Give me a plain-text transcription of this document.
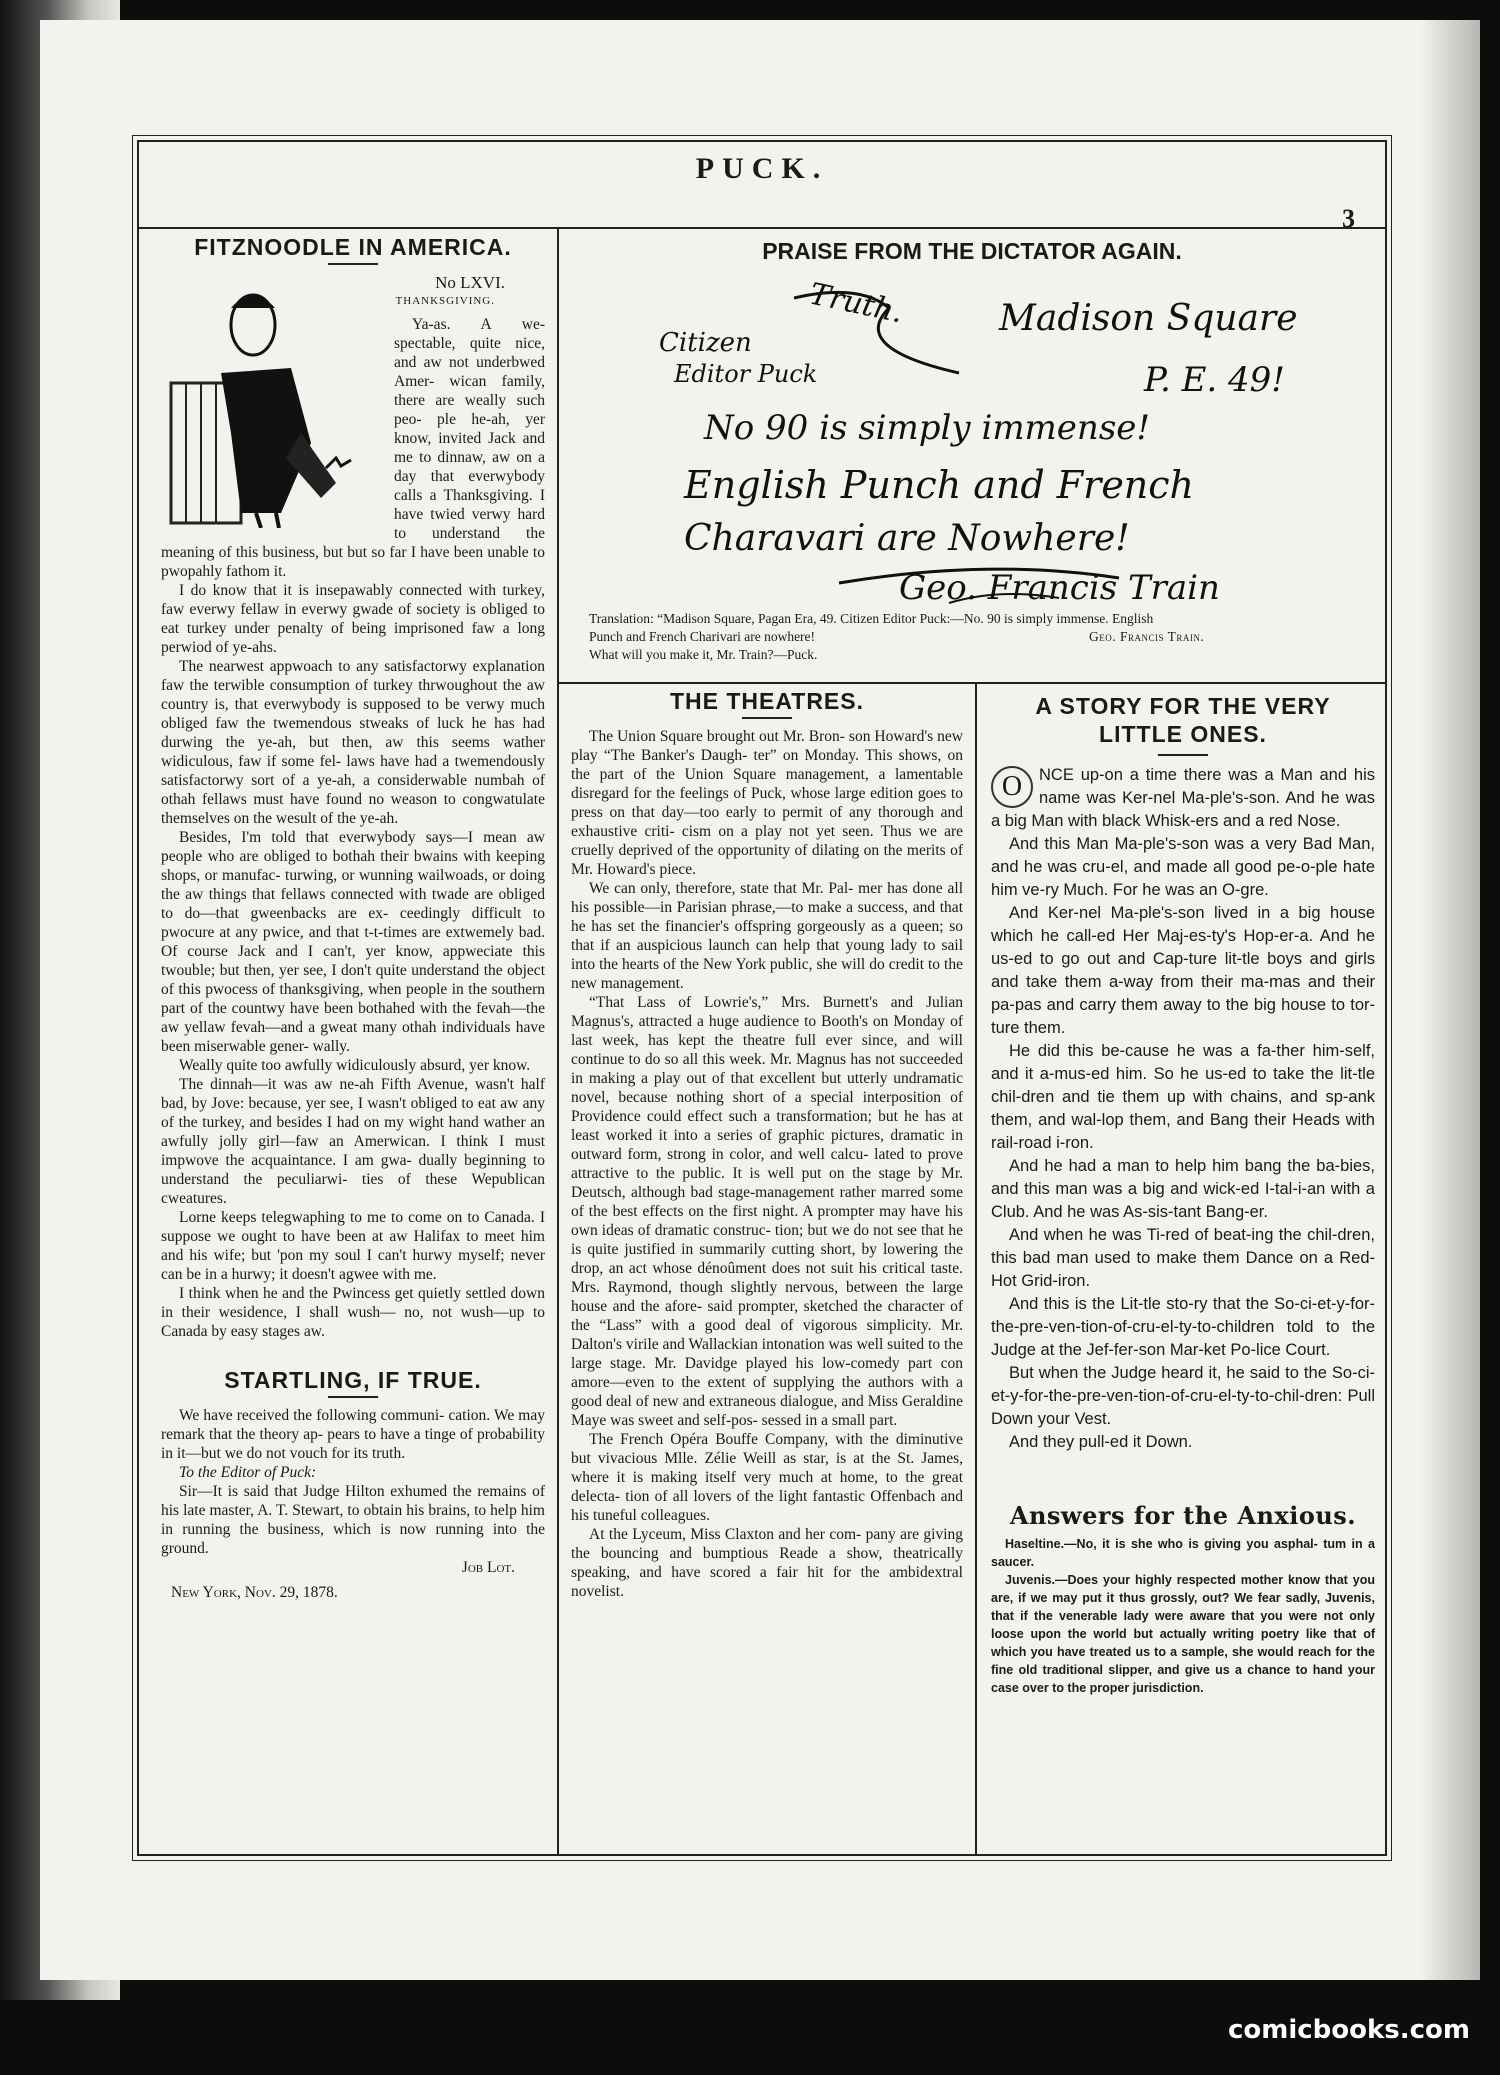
PUCK.
3
FITZNOODLE IN AMERICA.
No LXVI.
THANKSGIVING.

Ya-as. A we- spectable, quite nice, and aw not underbwed Amer- wican family, there are weally such peo- ple he-ah, yer know, invited Jack and me to dinnaw, aw on a day that everwybody calls a Thanksgiving. I have twied verwy hard to understand the meaning of this business, but but so far I have been unable to pwopahly fathom it.

I do know that it is insepawably connected with turkey, faw everwy fellaw in everwy gwade of society is obliged to eat turkey under penalty of being imprisoned faw a long perwiod of ye-ahs.

The nearwest appwoach to any satisfactorwy explanation faw the terwible consumption of turkey thrwoughout the aw country is, that everwybody is supposed to be verwy much obliged faw the twemendous stweaks of luck he has had durwing the ye-ah, but then, aw this seems wather widiculous, faw if some fel- laws have had a twemendously satisfactorwy sort of a ye-ah, a considerwable numbah of othah fellaws must have found no weason to congwatulate themselves on the wesult of the ye-ah.

Besides, I'm told that everwybody says—I mean aw people who are obliged to bothah their bwains with keeping shops, or manufac- turwing, or wunning wailwoads, or doing the aw things that fellaws connected with twade are obliged to do—that gweenbacks are ex- ceedingly difficult to pwocure at any pwice, and that t-t-times are extwemely bad. Of course Jack and I can't, yer know, appweciate this twouble; but then, yer see, I don't quite understand the object of this pwocess of thanksgiving, when people in the southern part of the countwy have been bothahed with the fevah—the aw yellaw fevah—and a gweat many othah individuals have been miserwable gener- wally.

Weally quite too awfully widiculously absurd, yer know.

The dinnah—it was aw ne-ah Fifth Avenue, wasn't half bad, by Jove: because, yer see, I wasn't obliged to eat aw any of the turkey, and besides I had on my wight hand wather an awfully jolly girl—faw an Amerwican. I think I must impwove the acquaintance. I am gwa- dually beginning to understand the peculiarwi- ties of these Wepublican cweatures.

Lorne keeps telegwaphing to me to come on to Canada. I suppose we ought to have been at aw Halifax to meet him and his wife; but 'pon my soul I can't hurwy myself; never can be in a hurwy; it doesn't agwee with me.

I think when he and the Pwincess get quietly settled down in their wesidence, I shall wush— no, not wush—up to Canada by easy stages aw.

STARTLING, IF TRUE.

We have received the following communi- cation. We may remark that the theory ap- pears to have a tinge of probability in it—but we do not vouch for its truth.

To the Editor of Puck:

Sir—It is said that Judge Hilton exhumed the remains of his late master, A. T. Stewart, to obtain his brains, to help him in running the business, which is now running into the ground.

Job Lot.
New York, Nov. 29, 1878.
PRAISE FROM THE DICTATOR AGAIN.
Citizen
Editor Puck
Truth.	Madison Square
P. E. 49!
No 90 is simply immense!
English Punch and French
Charavari are Nowhere!
Geo. Francis Train
Translation: “Madison Square, Pagan Era, 49. Citizen Editor Puck:—No. 90 is simply immense. English
Punch and French Charivari are nowhere!	Geo. Francis Train.
What will you make it, Mr. Train?—Puck.
THE THEATRES.

The Union Square brought out Mr. Bron- son Howard's new play “The Banker's Daugh- ter” on Monday. This shows, on the part of the Union Square management, a lamentable disregard for the feelings of Puck, whose large edition goes to press on that day—too early to permit of any thorough and exhaustive criti- cism on a play not yet seen. Thus we are cruelly deprived of the opportunity of dilating on the merits of Mr. Howard's piece.

We can only, therefore, state that Mr. Pal- mer has done all his possible—in Parisian phrase,—to make a success, and that he has set the financier's offspring gorgeously as a queen; so that if an auspicious launch can help that young lady to sail into the hearts of the New York public, she will do credit to the new management.

“That Lass of Lowrie's,” Mrs. Burnett's and Julian Magnus's, attracted a huge audience to Booth's on Monday of last week, has kept the theatre full ever since, and will continue to do so all this week. Mr. Magnus has not succeeded in making a play out of that excellent but utterly undramatic novel, because nothing short of a special interposition of Providence could effect such a transformation; but he has at least worked it into a series of graphic pictures, dramatic in outward form, strong in color, and well calcu- lated to prove attractive to the public. It is well put on the stage by Mr. Deutsch, although bad stage-management rather marred some of the best effects on the first night. A prompter may have his own ideas of dramatic construc- tion; but we do not see that he is quite justified in summarily cutting short, by lowering the drop, an act whose dénoûment does not suit his critical taste. Mrs. Raymond, though slightly nervous, between the large house and the afore- said prompter, sketched the character of the “Lass” with a good deal of vigorous simplicity. Mr. Dalton's virile and Wallackian intonation was well suited to the large stage. Mr. Davidge played his low-comedy part con amore—even to the extent of supplying the authors with a good deal of new and extraneous dialogue, and Miss Geraldine Maye was sweet and self-pos- sessed in a small part.

The French Opéra Bouffe Company, with the diminutive but vivacious Mlle. Zélie Weill as star, is at the St. James, where it is making itself very much at home, to the great delecta- tion of all lovers of the light fantastic Offenbach and his tuneful colleagues.

At the Lyceum, Miss Claxton and her com- pany are giving the bouncing and bumptious Reade a show, theatrically speaking, and have scored a fair hit for the ambidextral novelist.

A STORY FOR THE VERY LITTLE ONES.

O	NCE up-on a time there was a Man and his name was Ker-nel Ma-ple's-son. And he was a big Man with black Whisk-ers and a red Nose.

And this Man Ma-ple's-son was a very Bad Man, and he was cru-el, and made all good pe-o-ple hate him ve-ry Much. For he was an O-gre.

And Ker-nel Ma-ple's-son lived in a big house which he call-ed Her Maj-es-ty's Hop-er-a. And he us-ed to go out and Cap-ture lit-tle boys and girls and take them a-way from their ma-mas and their pa-pas and carry them away to the big house to tor-ture them.

He did this be-cause he was a fa-ther him-self, and it a-mus-ed him. So he us-ed to take the lit-tle chil-dren and tie them up with chains, and sp-ank them, and wal-lop them, and Bang their Heads with rail-road i-ron.

And he had a man to help him bang the ba-bies, and this man was a big and wick-ed I-tal-i-an with a Club. And he was As-sis-tant Bang-er.

And when he was Ti-red of beat-ing the chil-dren, this bad man used to make them Dance on a Red-Hot Grid-iron.

And this is the Lit-tle sto-ry that the So-ci-et-y-for-the-pre-ven-tion-of-cru-el-ty-to-children told to the Judge at the Jef-fer-son Mar-ket Po-lice Court.

But when the Judge heard it, he said to the So-ci-et-y-for-the-pre-ven-tion-of-cru-el-ty-to-chil-dren: Pull Down your Vest.

And they pull-ed it Down.

Answers for the Anxious.

Haseltine.—No, it is she who is giving you asphal- tum in a saucer.

Juvenis.—Does your highly respected mother know that you are, if we may put it thus grossly, out? We fear sadly, Juvenis, that if the venerable lady were aware that you were not only loose upon the world but actually writing poetry like that of which you have treated us to a sample, she would reach for the fine old traditional slipper, and give us a chance to hand your case over to the proper jurisdiction.

comicbooks.com
